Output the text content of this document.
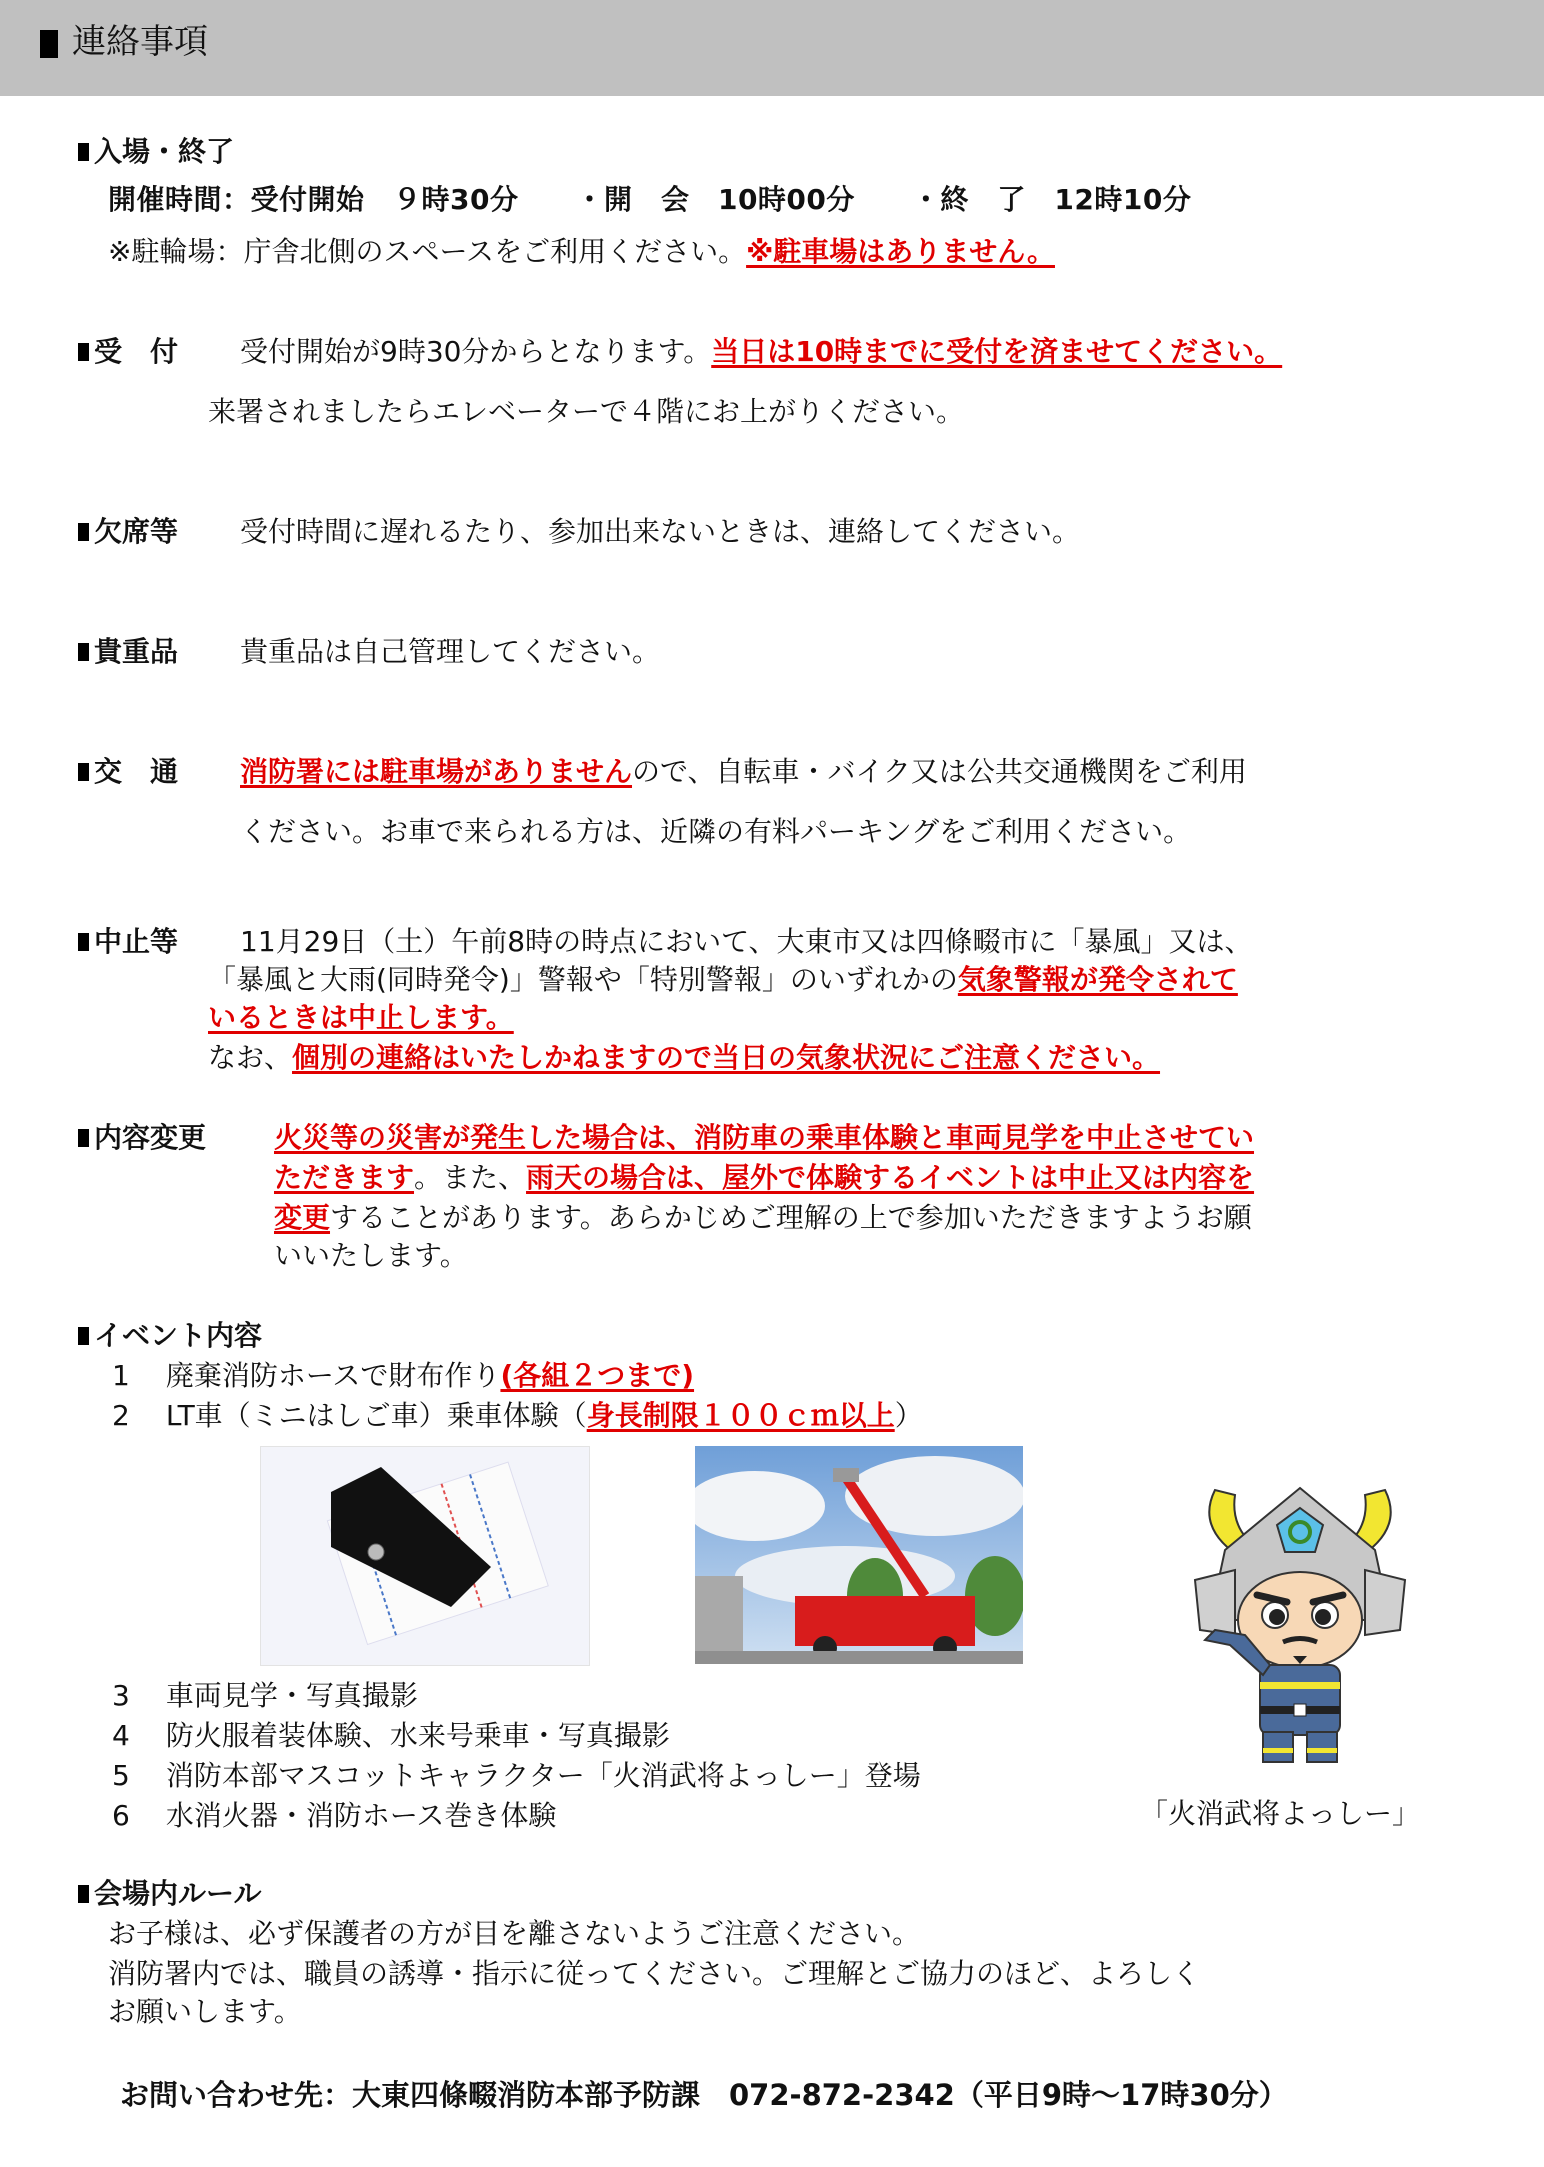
連絡事項
入場・終了
開催時間：受付開始　９時30分　　・開　会　10時00分　　・終　了　12時10分
※駐輪場：庁舎北側のスペースをご利用ください。※駐車場はありません。
受　付 受付開始が9時30分からとなります。当日は10時までに受付を済ませてください。
来署されましたらエレベーターで４階にお上がりください。
欠席等 受付時間に遅れるたり、参加出来ないときは、連絡してください。
貴重品 貴重品は自己管理してください。
交　通 消防署には駐車場がありませんので、自転車・バイク又は公共交通機関をご利用
ください。お車で来られる方は、近隣の有料パーキングをご利用ください。
中止等 11月29日（土）午前8時の時点において、大東市又は四條畷市に「暴風」又は、
「暴風と大雨(同時発令)」警報や「特別警報」のいずれかの気象警報が発令されて
いるときは中止します。
なお、個別の連絡はいたしかねますので当日の気象状況にご注意ください。
内容変更 火災等の災害が発生した場合は、消防車の乗車体験と車両見学を中止させてい
ただきます。また、雨天の場合は、屋外で体験するイベントは中止又は内容を
変更することがあります。あらかじめご理解の上で参加いただきますようお願
いいたします。
イベント内容
1 廃棄消防ホースで財布作り(各組２つまで)
2 LT車（ミニはしご車）乗車体験（身長制限１００ｃｍ以上）
「火消武将よっしー」
3 車両見学・写真撮影
4 防火服着装体験、水来号乗車・写真撮影
5 消防本部マスコットキャラクター「火消武将よっしー」登場
6 水消火器・消防ホース巻き体験
会場内ルール
お子様は、必ず保護者の方が目を離さないようご注意ください。
消防署内では、職員の誘導・指示に従ってください。ご理解とご協力のほど、よろしく
お願いします。
お問い合わせ先：大東四條畷消防本部予防課　072-872-2342（平日9時～17時30分）
